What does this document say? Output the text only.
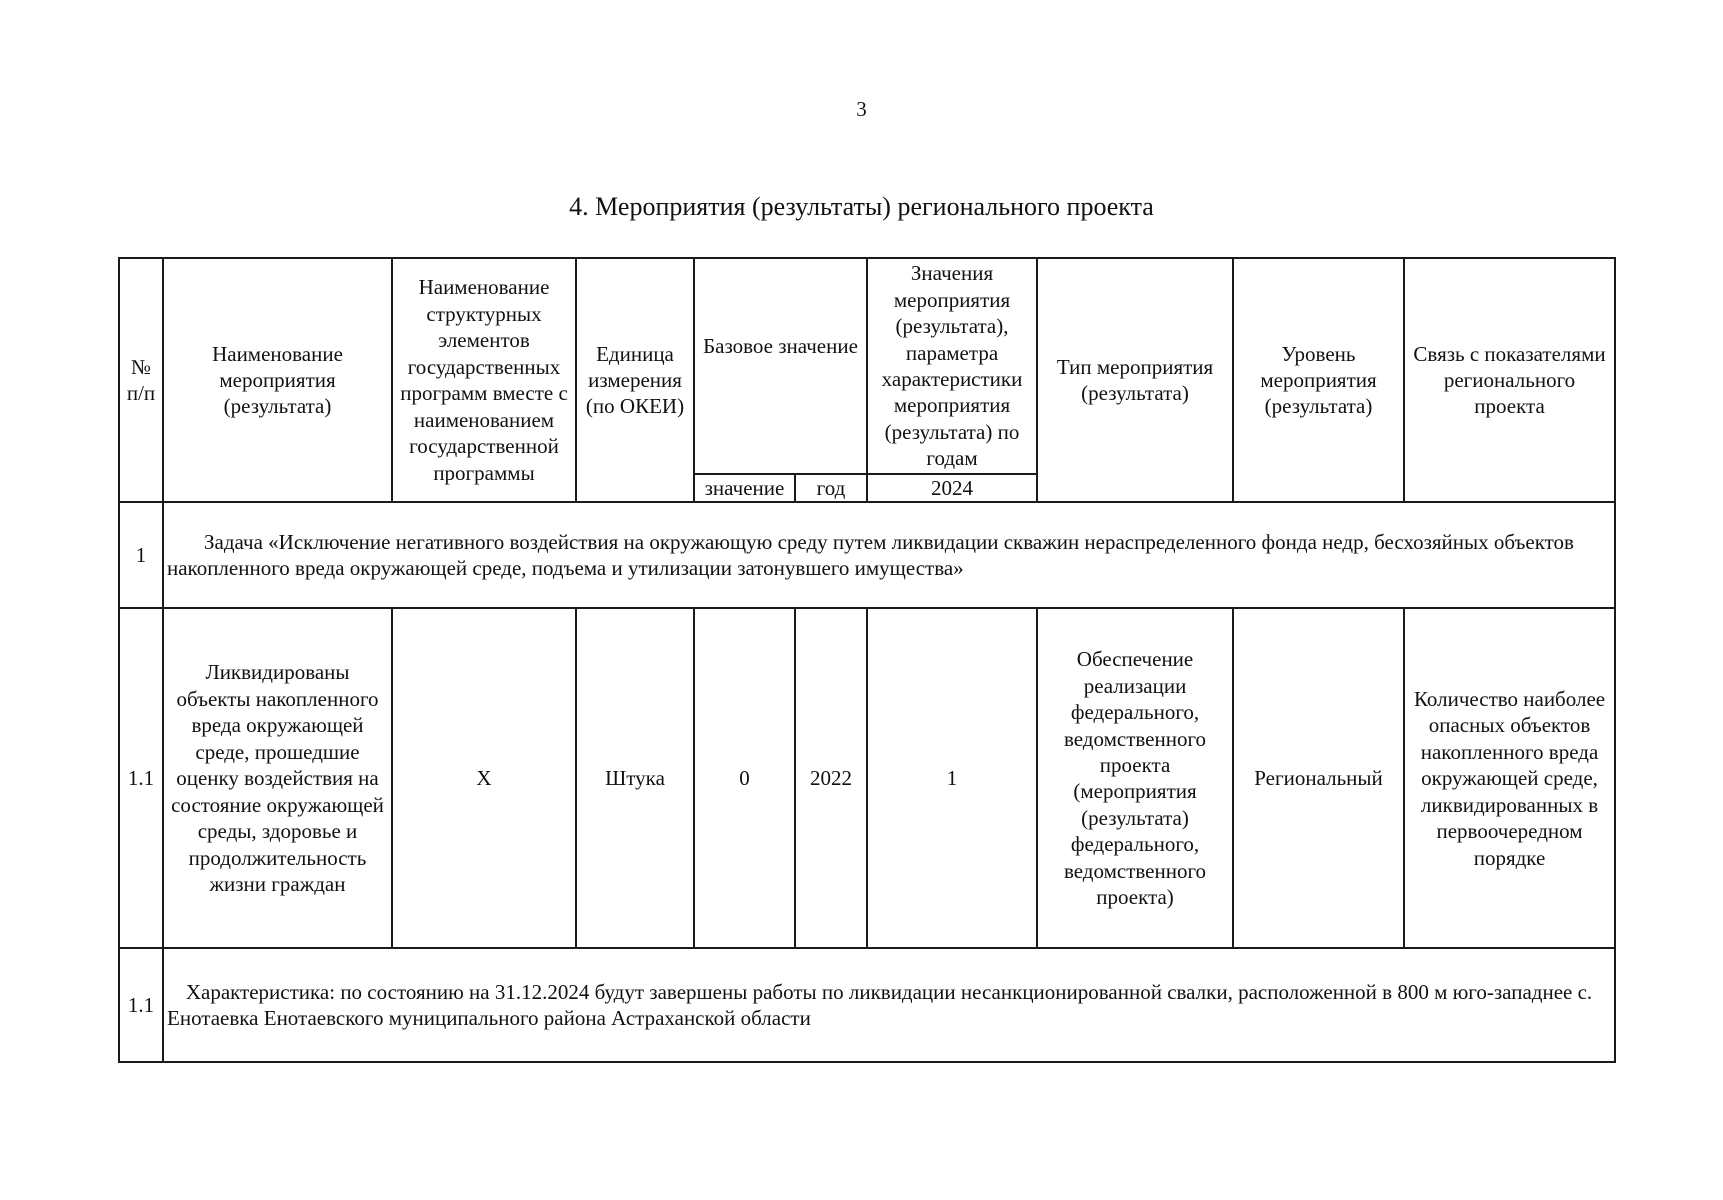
3
4. Мероприятия (результаты) регионального проекта
№ п/п	Наименование мероприятия (результата)	Наименование структурных элементов государственных программ вместе с наименованием государственной программы	Единица измерения (по ОКЕИ)	Базовое значение		Значения мероприятия (результата), параметра характеристики мероприятия (результата) по годам	Тип мероприятия (результата)	Уровень мероприятия (результата)	Связь с показателями регионального проекта
				значение	год	2024			
1	Задача «Исключение негативного воздействия на окружающую среду путем ликвидации скважин нераспределенного фонда недр, бесхозяйных объектов накопленного вреда окружающей среде, подъема и утилизации затонувшего имущества»								
1.1	Ликвидированы объекты накопленного вреда окружающей среде, прошедшие оценку воздействия на состояние окружающей среды, здоровье и продолжительность жизни граждан	X	Штука	0	2022	1	Обеспечение реализации федерального, ведомственного проекта (мероприятия (результата) федерального, ведомственного проекта)	Региональный	Количество наиболее опасных объектов накопленного вреда окружающей среде, ликвидированных в первоочередном порядке
1.1	Характеристика: по состоянию на 31.12.2024 будут завершены работы по ликвидации несанкционированной свалки, расположенной в 800 м юго-западнее с. Енотаевка Енотаевского муниципального района Астраханской области								
